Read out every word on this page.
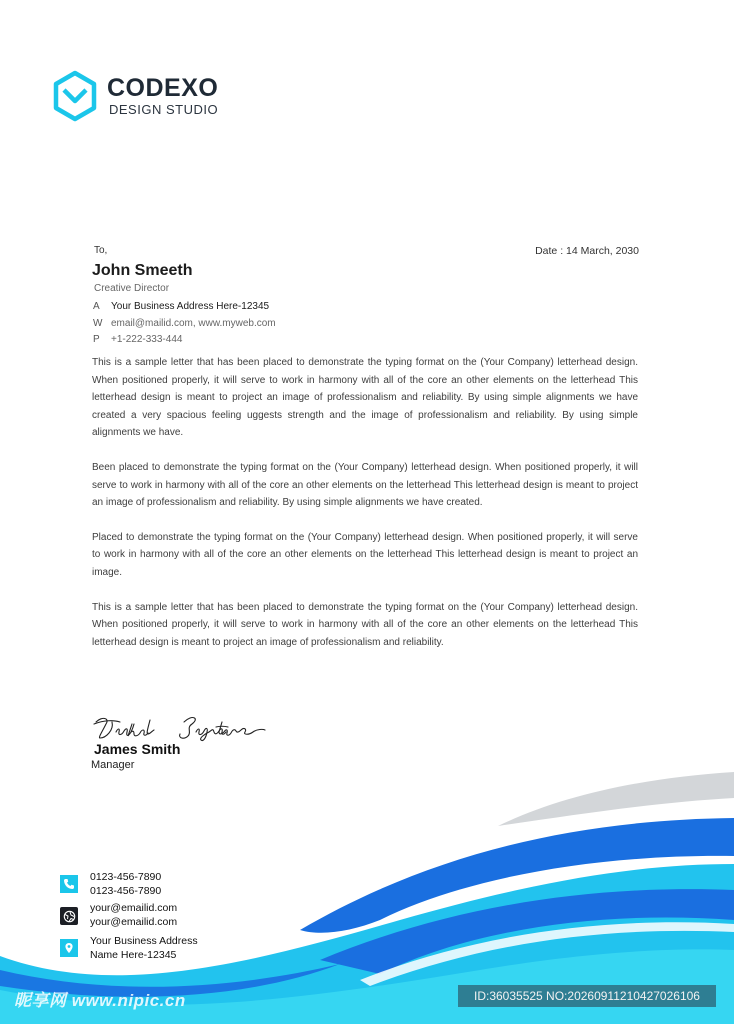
CODEXO
DESIGN STUDIO
To,	Date : 14 March, 2030
John Smeeth
Creative Director
A Your Business Address Here-12345
W email@mailid.com, www.myweb.com
P +1-222-333-444

This is a sample letter that has been placed to demonstrate the typing format on the (Your Company) letterhead design. When positioned properly, it will serve to work in harmony with all of the core an other elements on the letterhead This letterhead design is meant to project an image of professionalism and reliability. By using simple alignments we have created a very spacious feeling uggests strength and the image of professionalism and reliability. By using simple alignments we have.

Been placed to demonstrate the typing format on the (Your Company) letterhead design. When positioned properly, it will serve to work in harmony with all of the core an other elements on the letterhead This letterhead design is meant to project an image of professionalism and reliability. By using simple alignments we have created.

Placed to demonstrate the typing format on the (Your Company) letterhead design. When positioned properly, it will serve to work in harmony with all of the core an other elements on the letterhead This letterhead design is meant to project an image.

This is a sample letter that has been placed to demonstrate the typing format on the (Your Company) letterhead design. When positioned properly, it will serve to work in harmony with all of the core an other elements on the letterhead This letterhead design is meant to project an image of professionalism and reliability.

James Smith
Manager
0123-456-7890
0123-456-7890
your@emailid.com
your@emailid.com
Your Business Address
Name Here-12345
昵享网 www.nipic.cn	ID:36035525 NO:20260911210427026106
